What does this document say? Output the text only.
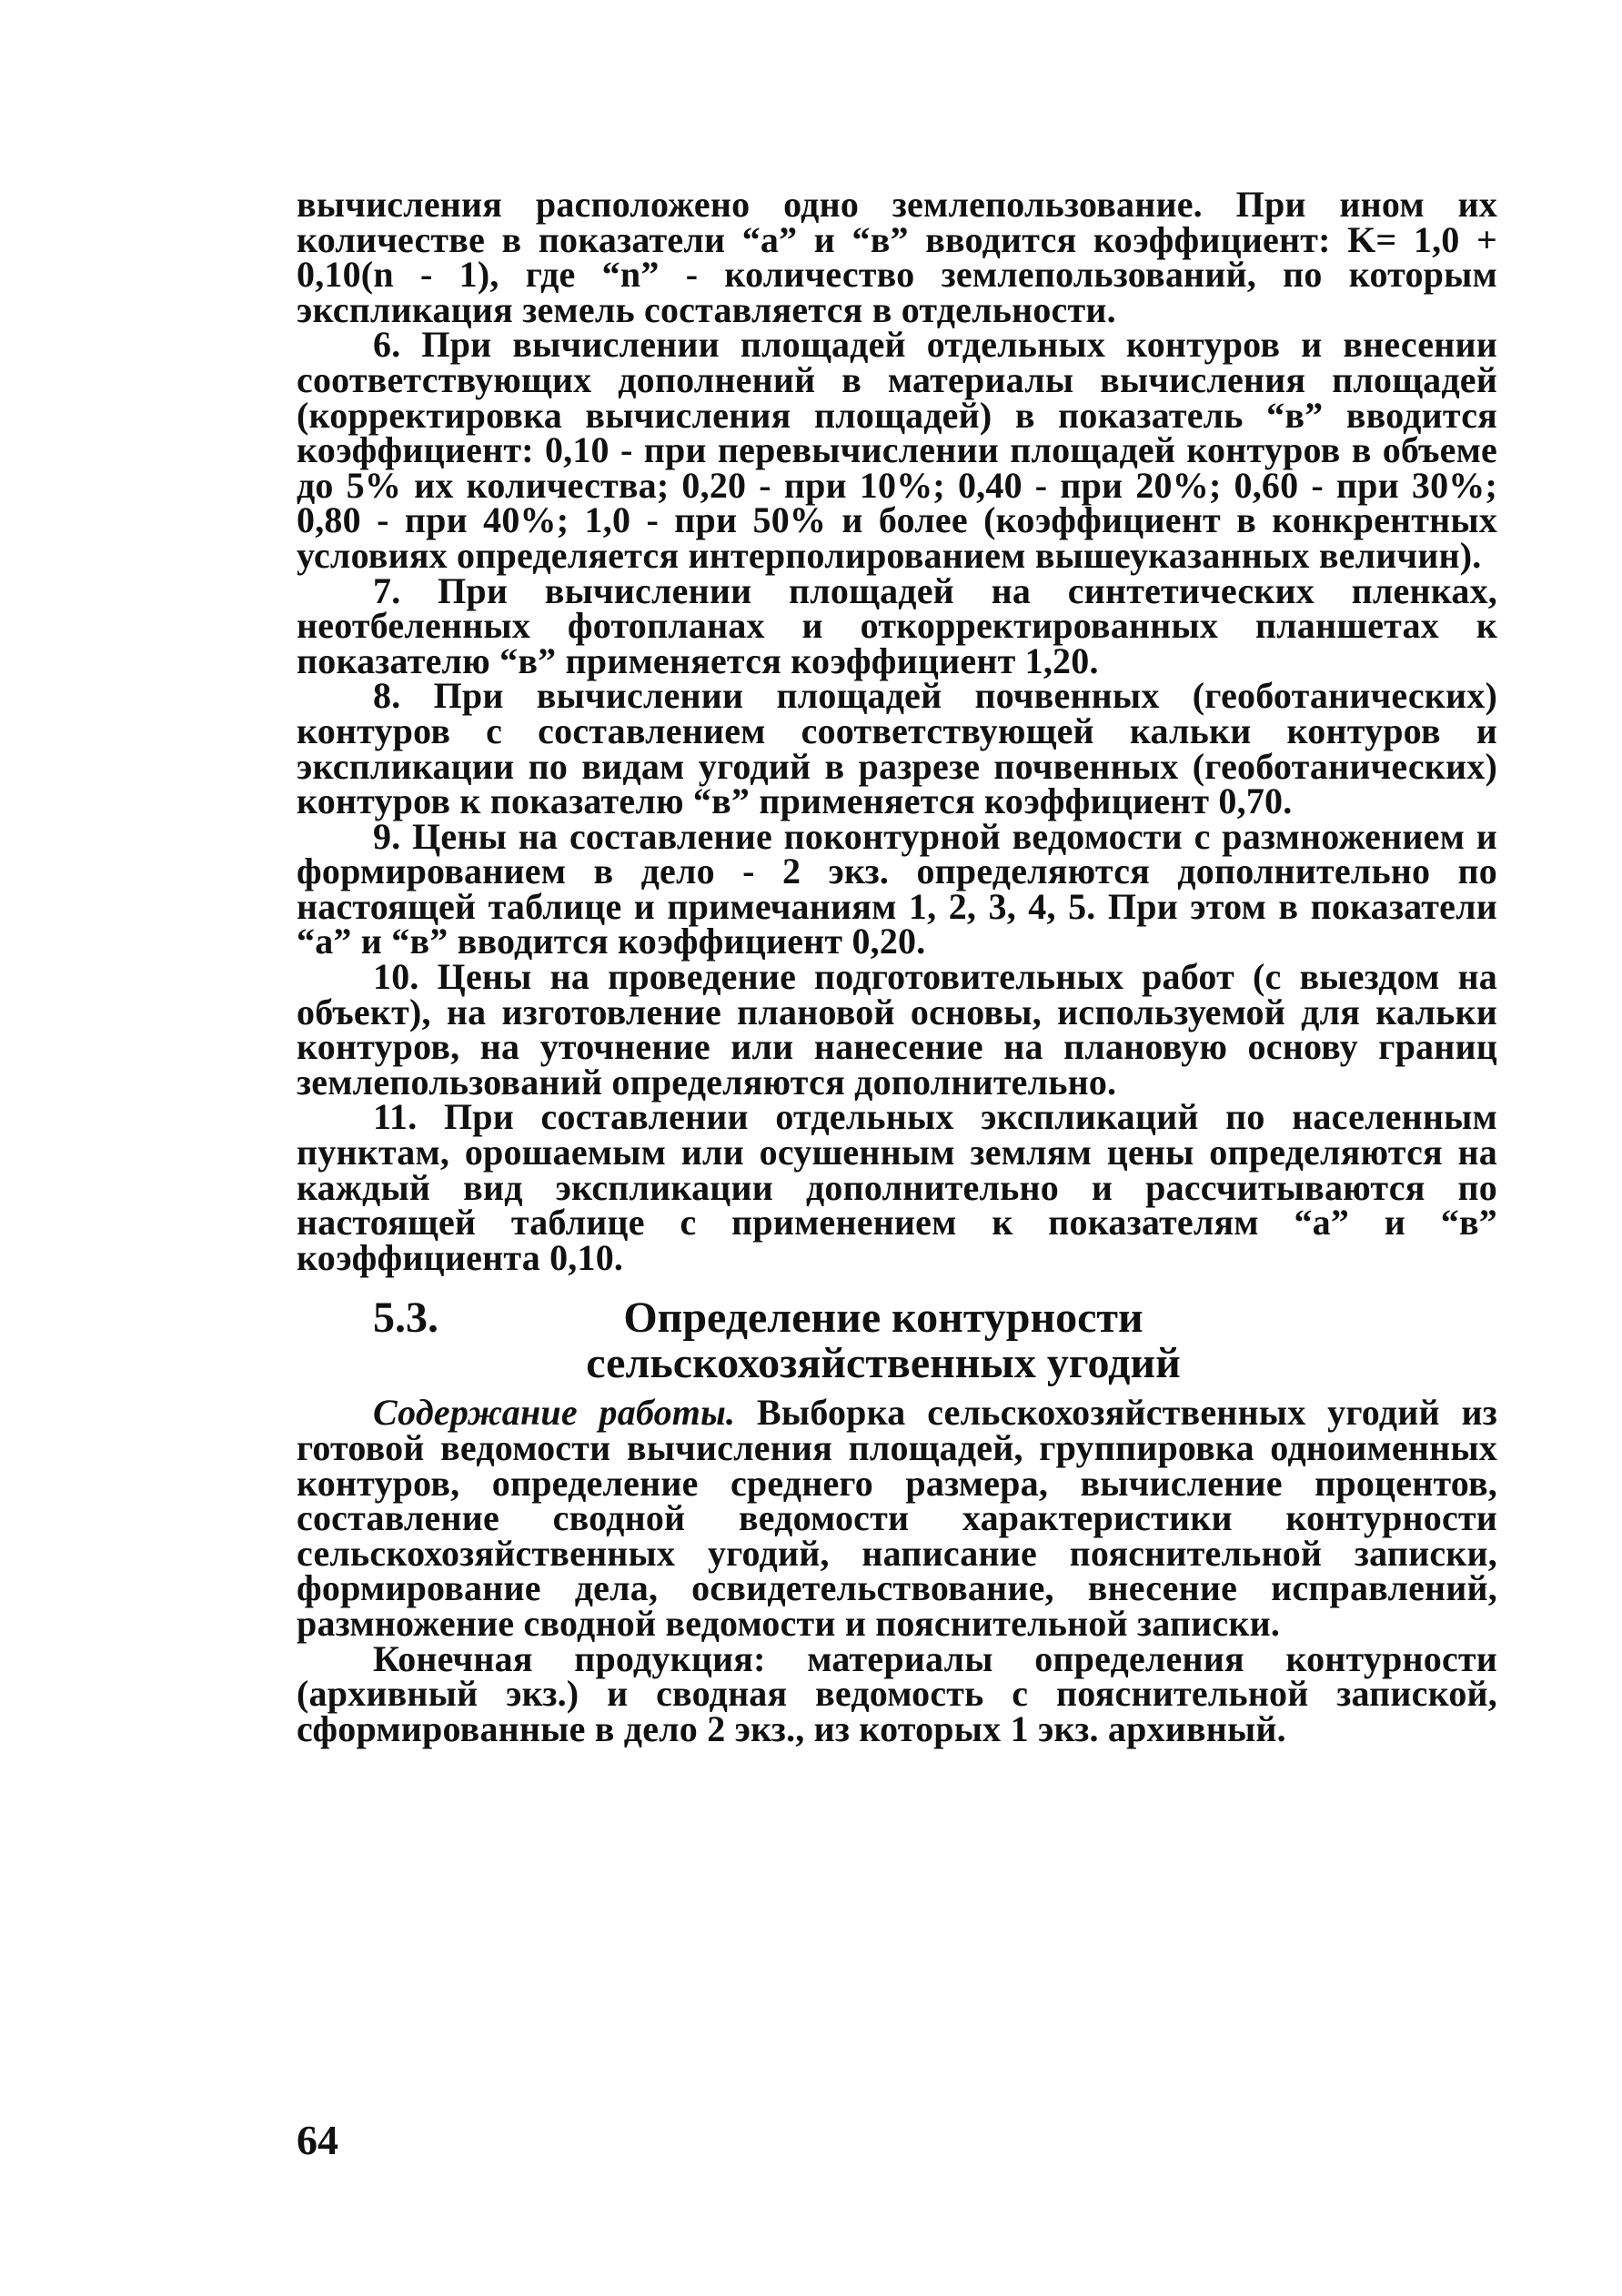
вычисления расположено одно землепользование. При ином их количестве в показатели “а” и “в” вводится коэффициент: K= 1,0 + 0,10(n - 1), где “n” - количество землепользований, по которым экспликация земель составляется в отдельности.

6. При вычислении площадей отдельных контуров и внесении соответствующих дополнений в материалы вычисления площадей (корректировка вычисления площадей) в показатель “в” вводится коэффициент: 0,10 - при перевычислении площадей контуров в объеме до 5% их количества; 0,20 - при 10%; 0,40 - при 20%; 0,60 - при 30%; 0,80 - при 40%; 1,0 - при 50% и более (коэффициент в конкрентных условиях определяется интерполированием вышеуказанных величин).

7. При вычислении площадей на синтетических пленках, неотбеленных фотопланах и откорректированных планшетах к показателю “в” применяется коэффициент 1,20.

8. При вычислении площадей почвенных (геоботанических) контуров с составлением соответствующей кальки контуров и экспликации по видам угодий в разрезе почвенных (геоботанических) контуров к показателю “в” применяется коэффициент 0,70.

9. Цены на составление поконтурной ведомости с размножением и формированием в дело - 2 экз. определяются дополнительно по настоящей таблице и примечаниям 1, 2, 3, 4, 5. При этом в показатели “а” и “в” вводится коэффициент 0,20.

10. Цены на проведение подготовительных работ (с выездом на объект), на изготовление плановой основы, используемой для кальки контуров, на уточнение или нанесение на плановую основу границ землепользований определяются дополнительно.

11. При составлении отдельных экспликаций по населенным пунктам, орошаемым или осушенным землям цены определяются на каждый вид экспликации дополнительно и рассчитываются по настоящей таблице с применением к показателям “а” и “в” коэффициента 0,10.

5.3.	Определение контурности
сельскохозяйственных угодий

Содержание работы. Выборка сельскохозяйственных угодий из готовой ведомости вычисления площадей, группировка одноименных контуров, определение среднего размера, вычисление процентов, составление сводной ведомости характеристики контурности сельскохозяйственных угодий, написание пояснительной записки, формирование дела, освидетельствование, внесение исправлений, размножение сводной ведомости и пояснительной записки.

Конечная продукция: материалы определения контурности (архивный экз.) и сводная ведомость с пояснительной запиской, сформированные в дело 2 экз., из которых 1 экз. архивный.

64
